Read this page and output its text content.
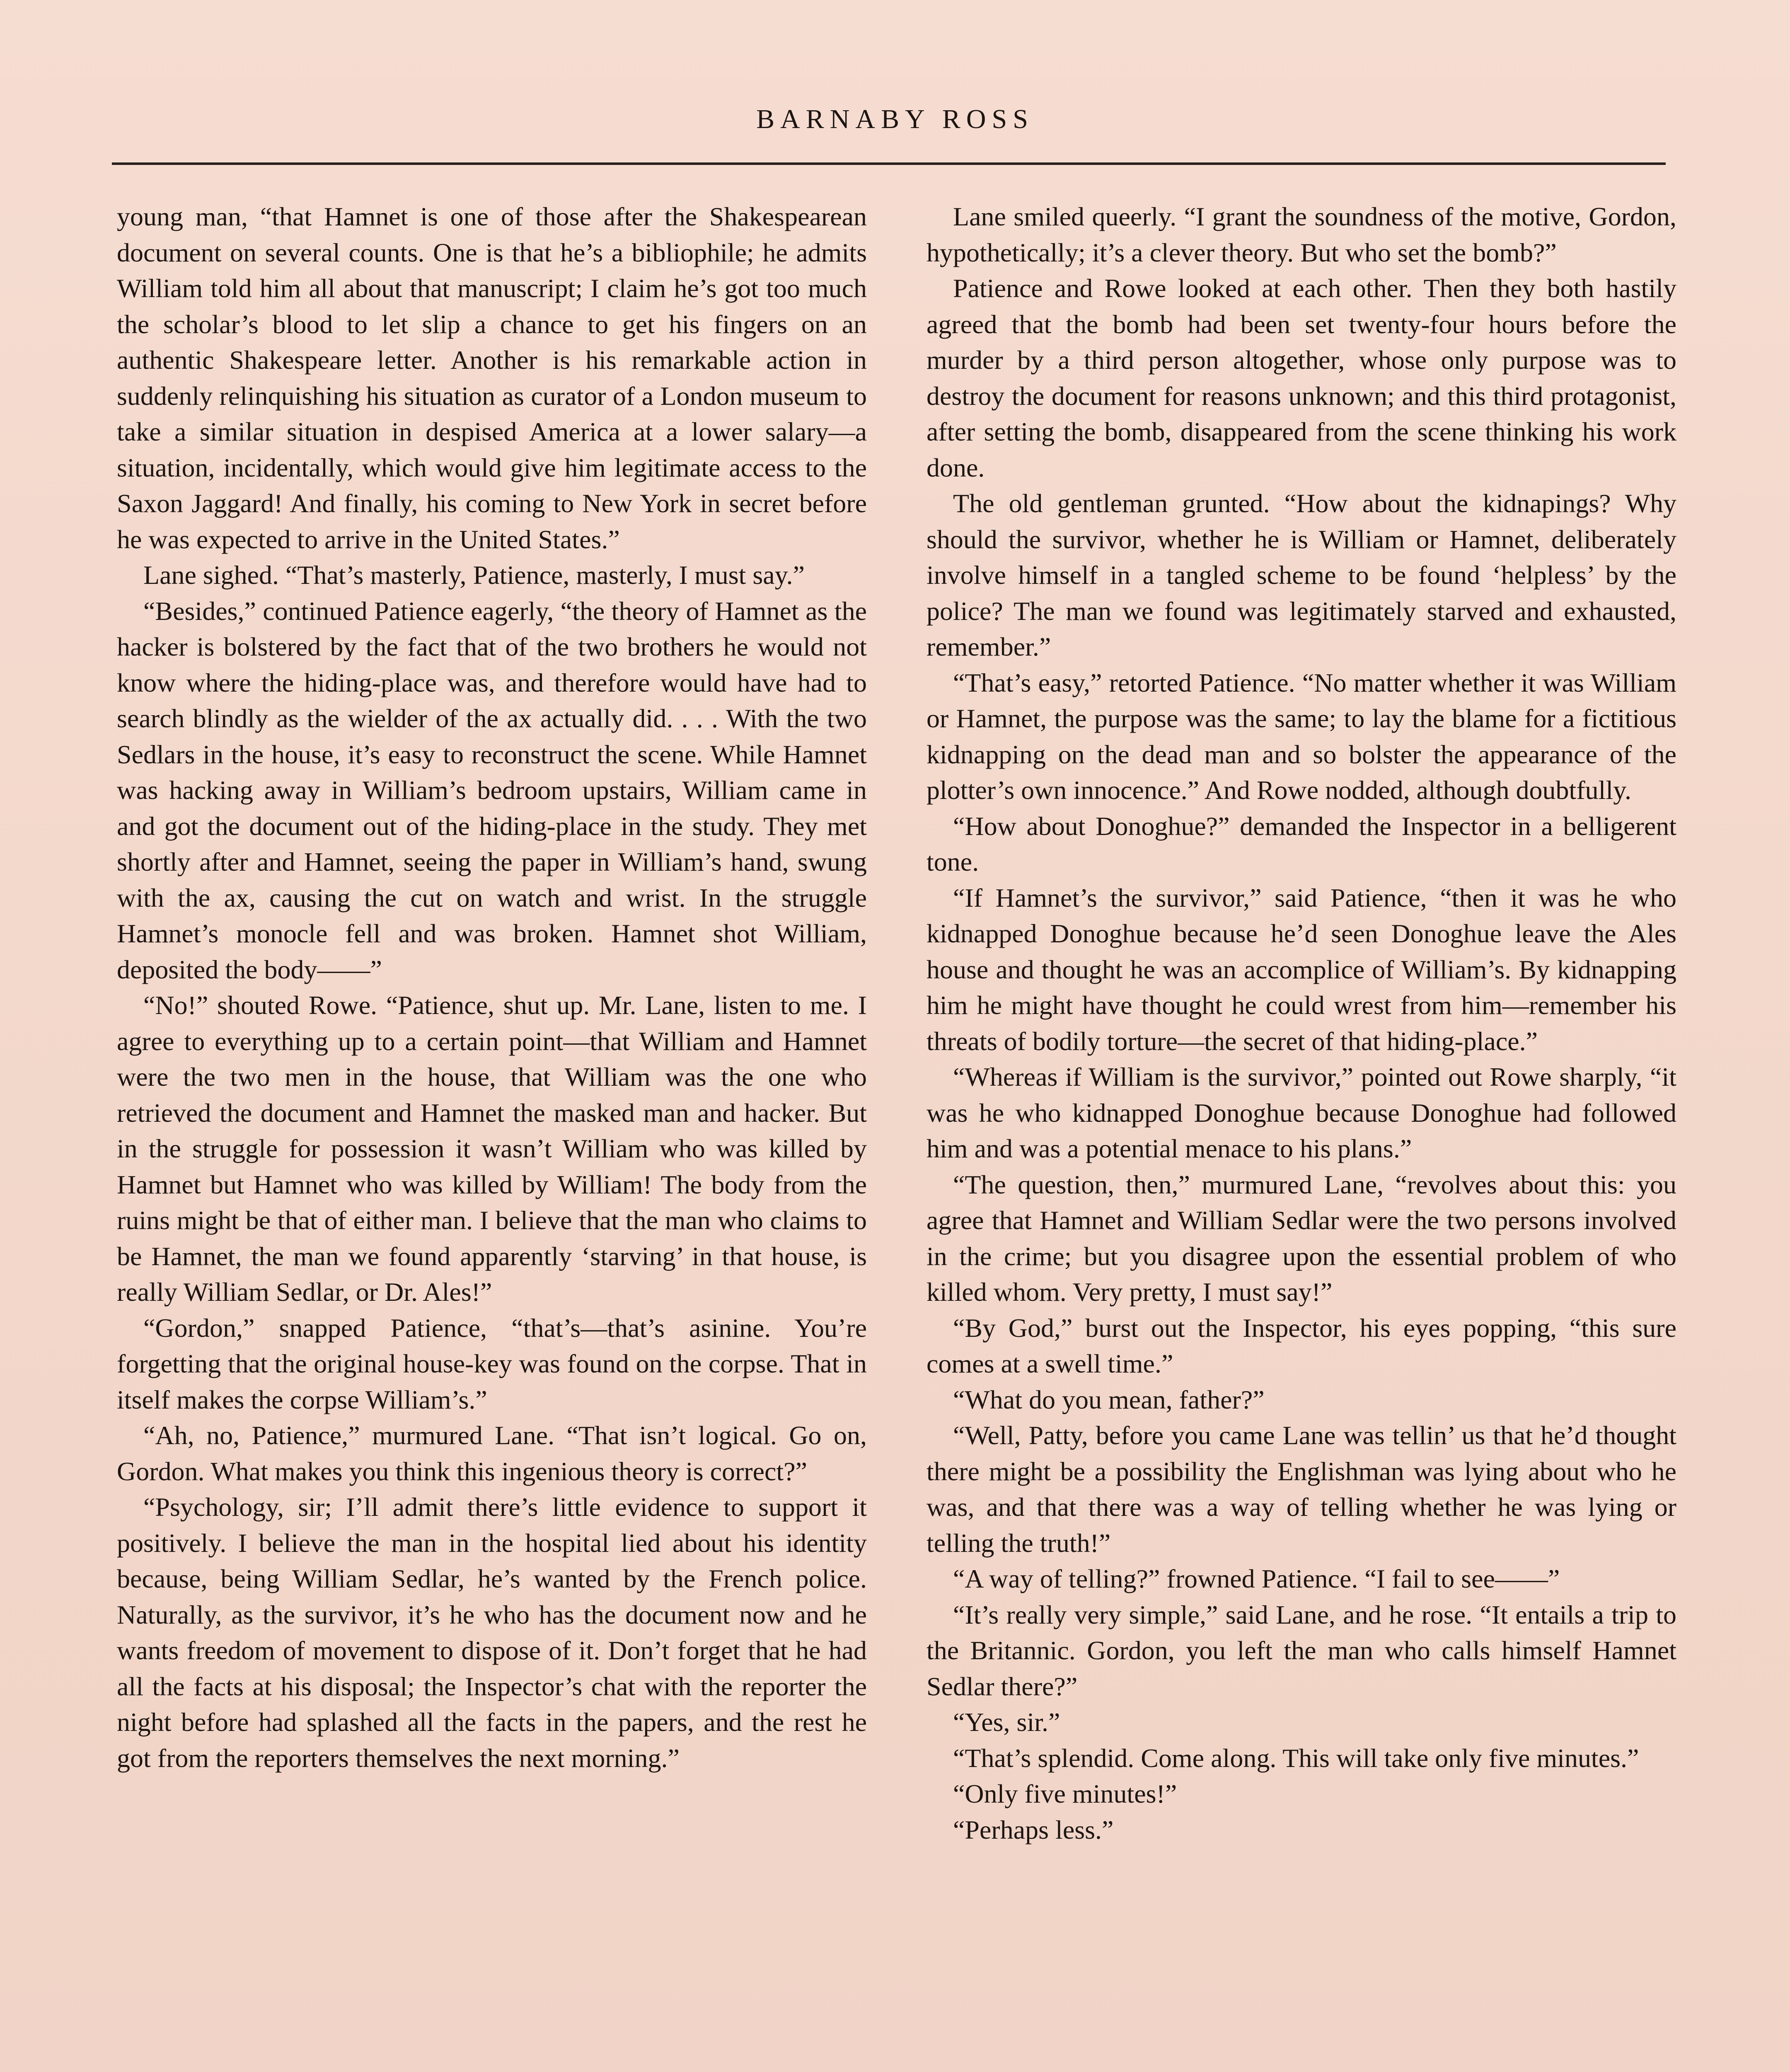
BARNABY ROSS

young man, “that Hamnet is one of those after the Shakespearean document on several counts. One is that he’s a bibliophile; he admits William told him all about that manuscript; I claim he’s got too much the scholar’s blood to let slip a chance to get his fingers on an authentic Shakespeare letter. Another is his remarkable action in suddenly relinquishing his situation as curator of a London museum to take a similar situation in despised America at a lower salary—a situation, incidentally, which would give him legitimate access to the Saxon Jaggard! And finally, his coming to New York in secret before he was expected to arrive in the United States.”

Lane sighed. “That’s masterly, Patience, masterly, I must say.”

“Besides,” continued Patience eagerly, “the theory of Hamnet as the hacker is bolstered by the fact that of the two brothers he would not know where the hiding-place was, and therefore would have had to search blindly as the wielder of the ax actually did. . . . With the two Sedlars in the house, it’s easy to reconstruct the scene. While Hamnet was hacking away in William’s bedroom upstairs, William came in and got the document out of the hiding-place in the study. They met shortly after and Hamnet, seeing the paper in William’s hand, swung with the ax, causing the cut on watch and wrist. In the struggle Hamnet’s monocle fell and was broken. Hamnet shot William, deposited the body——”

“No!” shouted Rowe. “Patience, shut up. Mr. Lane, listen to me. I agree to everything up to a certain point—that William and Hamnet were the two men in the house, that William was the one who retrieved the document and Hamnet the masked man and hacker. But in the struggle for possession it wasn’t William who was killed by Hamnet but Hamnet who was killed by William! The body from the ruins might be that of either man. I believe that the man who claims to be Hamnet, the man we found apparently ‘starving’ in that house, is really William Sedlar, or Dr. Ales!”

“Gordon,” snapped Patience, “that’s—that’s asinine. You’re forgetting that the original house-key was found on the corpse. That in itself makes the corpse William’s.”

“Ah, no, Patience,” murmured Lane. “That isn’t logical. Go on, Gordon. What makes you think this ingenious theory is correct?”

“Psychology, sir; I’ll admit there’s little evidence to support it positively. I believe the man in the hospital lied about his identity because, being William Sedlar, he’s wanted by the French police. Naturally, as the survivor, it’s he who has the document now and he wants freedom of movement to dispose of it. Don’t forget that he had all the facts at his disposal; the Inspector’s chat with the reporter the night before had splashed all the facts in the papers, and the rest he got from the reporters themselves the next morning.”

Lane smiled queerly. “I grant the soundness of the motive, Gordon, hypothetically; it’s a clever theory. But who set the bomb?”

Patience and Rowe looked at each other. Then they both hastily agreed that the bomb had been set twenty-four hours before the murder by a third person altogether, whose only purpose was to destroy the document for reasons unknown; and this third protagonist, after setting the bomb, disappeared from the scene thinking his work done.

The old gentleman grunted. “How about the kidnapings? Why should the survivor, whether he is William or Hamnet, deliberately involve himself in a tangled scheme to be found ‘helpless’ by the police? The man we found was legitimately starved and exhausted, remember.”

“That’s easy,” retorted Patience. “No matter whether it was William or Hamnet, the purpose was the same; to lay the blame for a fictitious kidnapping on the dead man and so bolster the appearance of the plotter’s own innocence.” And Rowe nodded, although doubtfully.

“How about Donoghue?” demanded the Inspector in a belligerent tone.

“If Hamnet’s the survivor,” said Patience, “then it was he who kidnapped Donoghue because he’d seen Donoghue leave the Ales house and thought he was an accomplice of William’s. By kidnapping him he might have thought he could wrest from him—remember his threats of bodily torture—the secret of that hiding-place.”

“Whereas if William is the survivor,” pointed out Rowe sharply, “it was he who kidnapped Donoghue because Donoghue had followed him and was a potential menace to his plans.”

“The question, then,” murmured Lane, “revolves about this: you agree that Hamnet and William Sedlar were the two persons involved in the crime; but you disagree upon the essential problem of who killed whom. Very pretty, I must say!”

“By God,” burst out the Inspector, his eyes popping, “this sure comes at a swell time.”

“What do you mean, father?”

“Well, Patty, before you came Lane was tellin’ us that he’d thought there might be a possibility the Englishman was lying about who he was, and that there was a way of telling whether he was lying or telling the truth!”

“A way of telling?” frowned Patience. “I fail to see——”

“It’s really very simple,” said Lane, and he rose. “It entails a trip to the Britannic. Gordon, you left the man who calls himself Hamnet Sedlar there?”

“Yes, sir.”

“That’s splendid. Come along. This will take only five minutes.”

“Only five minutes!”

“Perhaps less.”
